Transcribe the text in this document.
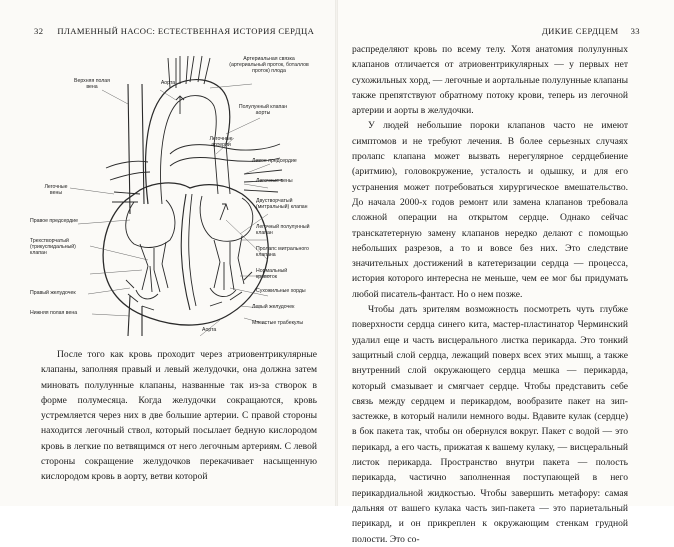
32 ПЛАМЕННЫЙ НАСОС: ЕСТЕСТВЕННАЯ ИСТОРИЯ СЕРДЦА	ДИКИЕ СЕРДЦЕМ 33
Артериальная связка (артериальный проток, боталлов проток) плода
Аорта
Верхняя полая вена
Полулунный клапан аорты
Легочные артерии
Левое предсердие
Легочные вены
Легочные вены
Двустворчатый (митральный) клапан
Правое предсердие
Легочный полулунный клапан
Пролапс митрального клапана
Трехстворчатый (трикуспидальный) клапан
Нормальный кровоток
Сухожильные хорды
Правый желудочек
Левый желудочек
Нижняя полая вена
Мясистые трабекулы
Аорта

После того как кровь проходит через атриовентрикулярные клапаны, заполняя правый и левый желудочки, она должна затем миновать полулунные клапаны, названные так из-за створок в форме полумесяца. Когда желудочки сокращаются, кровь устремляется через них в две большие артерии. С правой стороны находится легочный ствол, который посылает бедную кислородом кровь в легкие по ветвящимся от него легочным артериям. С левой стороны сокращение желудочков перекачивает насыщенную кислородом кровь в аорту, ветви которой

распределяют кровь по всему телу. Хотя анатомия полулунных клапанов отличается от атриовентрикулярных — у первых нет сухожильных хорд, — легочные и аортальные полулунные клапаны также препятствуют обратному потоку крови, теперь из легочной артерии и аорты в желудочки.

У людей небольшие пороки клапанов часто не имеют симптомов и не требуют лечения. В более серьезных случаях пролапс клапана может вызвать нерегулярное сердцебиение (аритмию), головокружение, усталость и одышку, и для его устранения может потребоваться хирургическое вмешательство. До начала 2000-х годов ремонт или замена клапанов требовала сложной операции на открытом сердце. Однако сейчас транскатетерную замену клапанов нередко делают с помощью небольших разрезов, а то и вовсе без них. Это следствие значительных достижений в катетеризации сердца — процесса, история которого интересна не меньше, чем ее мог бы придумать любой писатель-фантаст. Но о нем позже.

Чтобы дать зрителям возможность посмотреть чуть глубже поверхности сердца синего кита, мастер-пластинатор Черминский удалил еще и часть висцерального листка перикарда. Это тонкий защитный слой сердца, лежащий поверх всех этих мышц, а также внутренний слой окружающего сердца мешка — перикарда, который смазывает и смягчает сердце. Чтобы представить себе связь между сердцем и перикардом, вообразите пакет на зип-застежке, в который налили немного воды. Вдавите кулак (сердце) в бок пакета так, чтобы он обернулся вокруг. Пакет с водой — это перикард, а его часть, прижатая к вашему кулаку, — висцеральный листок перикарда. Пространство внутри пакета — полость перикарда, частично заполненная поступающей в него перикардиальной жидкостью. Чтобы завершить метафору: самая дальняя от вашего кулака часть зип-пакета — это париетальный перикард, и он прикреплен к окружающим стенкам грудной полости. Это со-
